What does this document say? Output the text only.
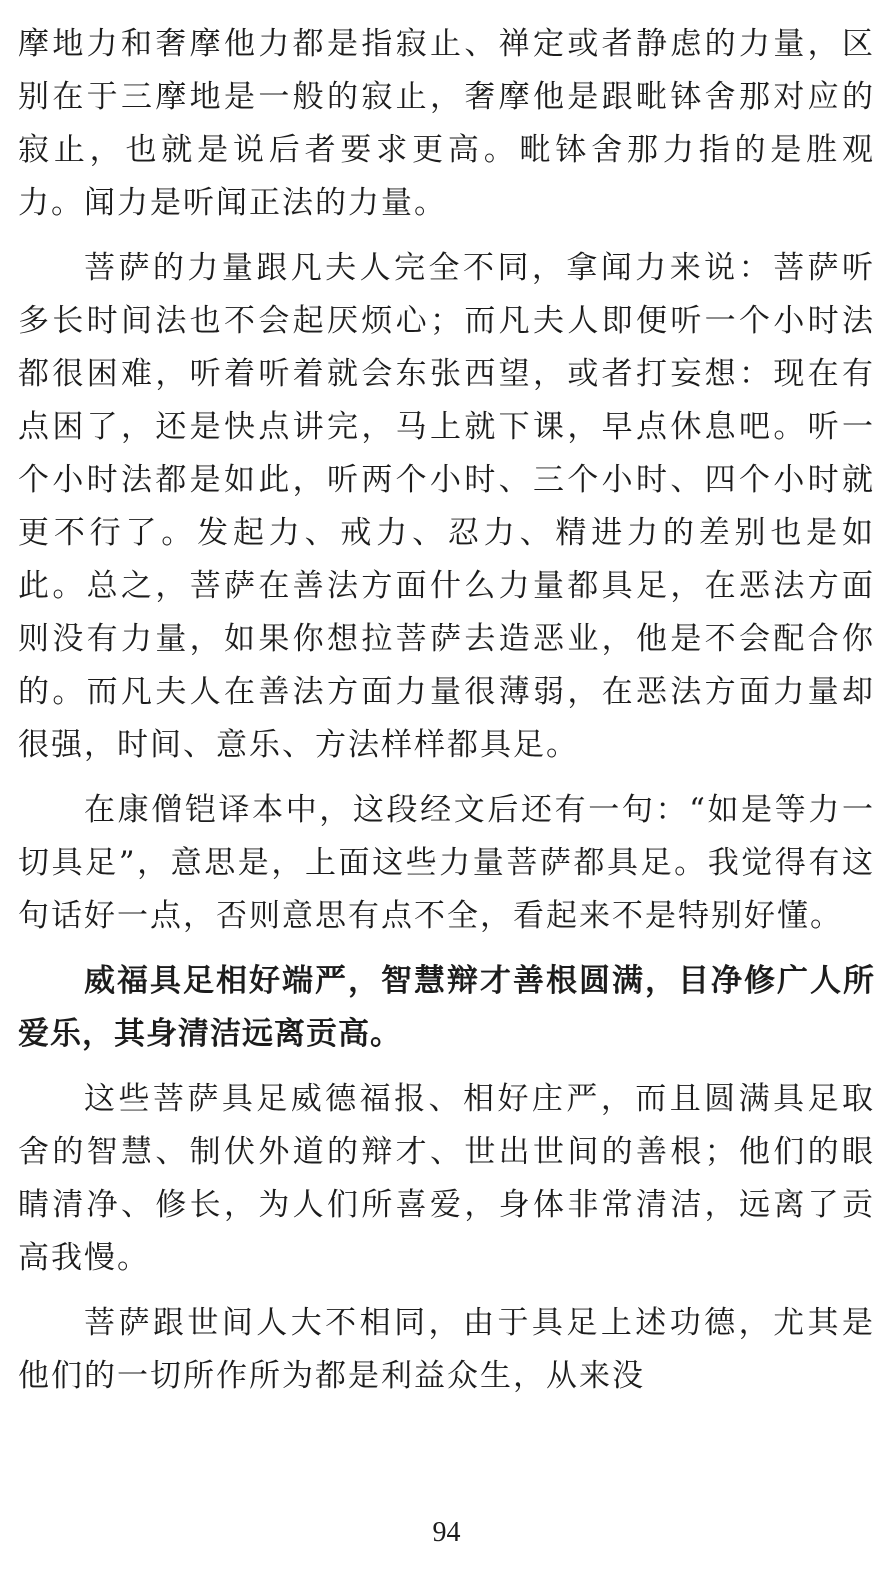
摩地力和奢摩他力都是指寂止、禅定或者静虑的力量，区别在于三摩地是一般的寂止，奢摩他是跟毗钵舍那对应的寂止，也就是说后者要求更高。毗钵舍那力指的是胜观力。闻力是听闻正法的力量。

菩萨的力量跟凡夫人完全不同，拿闻力来说：菩萨听多长时间法也不会起厌烦心；而凡夫人即便听一个小时法都很困难，听着听着就会东张西望，或者打妄想：现在有点困了，还是快点讲完，马上就下课，早点休息吧。听一个小时法都是如此，听两个小时、三个小时、四个小时就更不行了。发起力、戒力、忍力、精进力的差别也是如此。总之，菩萨在善法方面什么力量都具足，在恶法方面则没有力量，如果你想拉菩萨去造恶业，他是不会配合你的。而凡夫人在善法方面力量很薄弱，在恶法方面力量却很强，时间、意乐、方法样样都具足。

在康僧铠译本中，这段经文后还有一句：“如是等力一切具足”，意思是，上面这些力量菩萨都具足。我觉得有这句话好一点，否则意思有点不全，看起来不是特别好懂。

威福具足相好端严，智慧辩才善根圆满，目净修广人所爱乐，其身清洁远离贡高。

这些菩萨具足威德福报、相好庄严，而且圆满具足取舍的智慧、制伏外道的辩才、世出世间的善根；他们的眼睛清净、修长，为人们所喜爱，身体非常清洁，远离了贡高我慢。

菩萨跟世间人大不相同，由于具足上述功德，尤其是他们的一切所作所为都是利益众生，从来没

94
